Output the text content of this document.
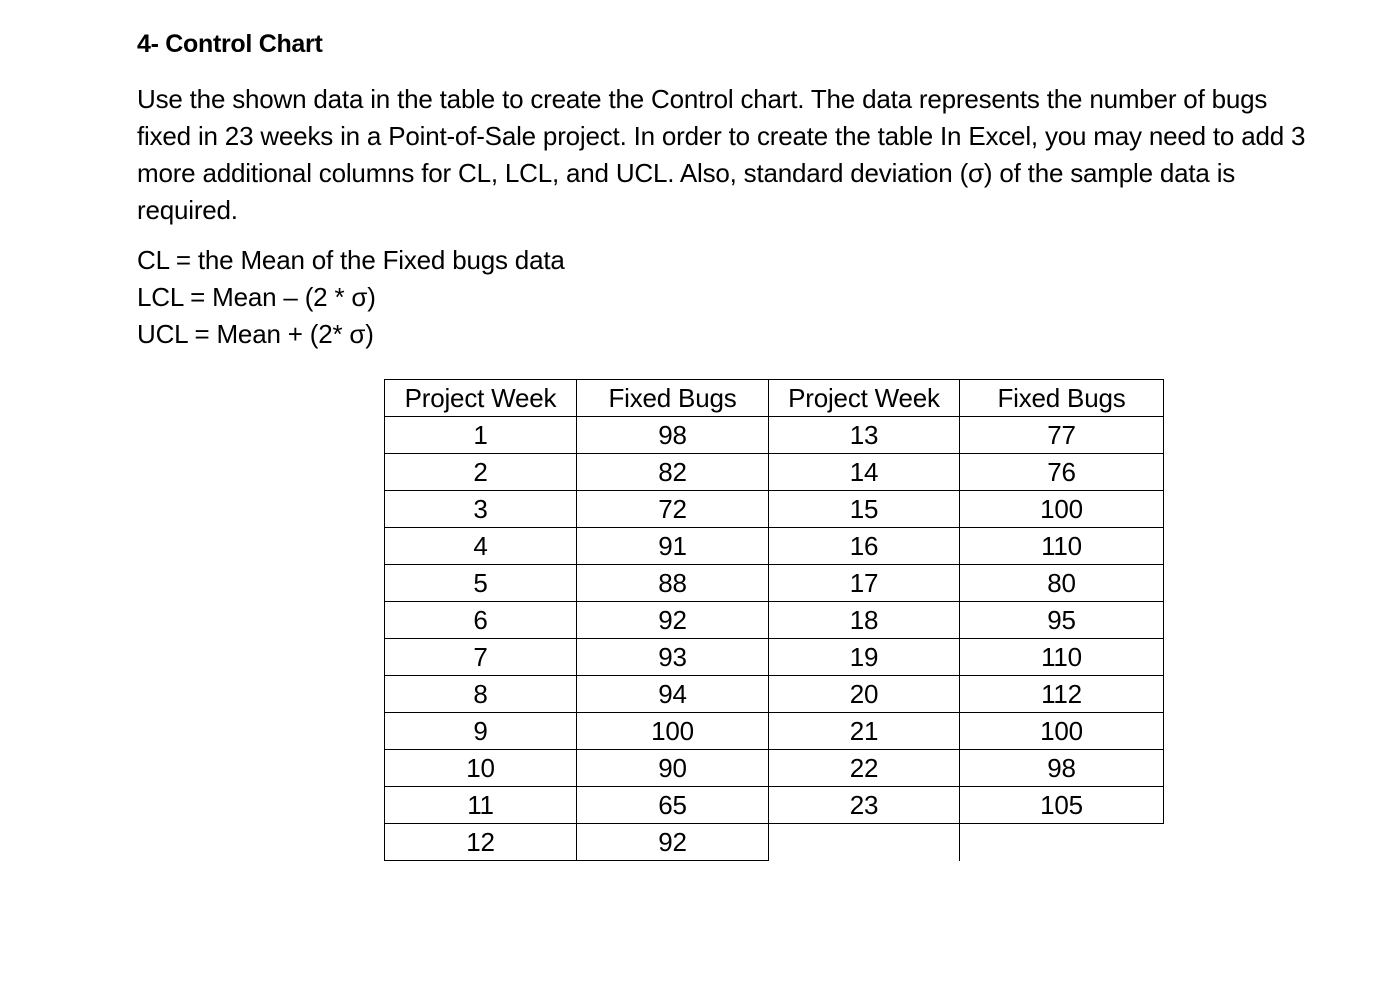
4- Control Chart

Use the shown data in the table to create the Control chart. The data represents the number of bugs fixed in 23 weeks in a Point-of-Sale project. In order to create the table In Excel, you may need to add 3 more additional columns for CL, LCL, and UCL. Also, standard deviation (σ) of the sample data is required.

CL = the Mean of the Fixed bugs data
LCL = Mean – (2 * σ)
UCL = Mean + (2* σ)
Project Week	Fixed Bugs	Project Week	Fixed Bugs
1	98	13	77
2	82	14	76
3	72	15	100
4	91	16	110
5	88	17	80
6	92	18	95
7	93	19	110
8	94	20	112
9	100	21	100
10	90	22	98
11	65	23	105
12	92		
